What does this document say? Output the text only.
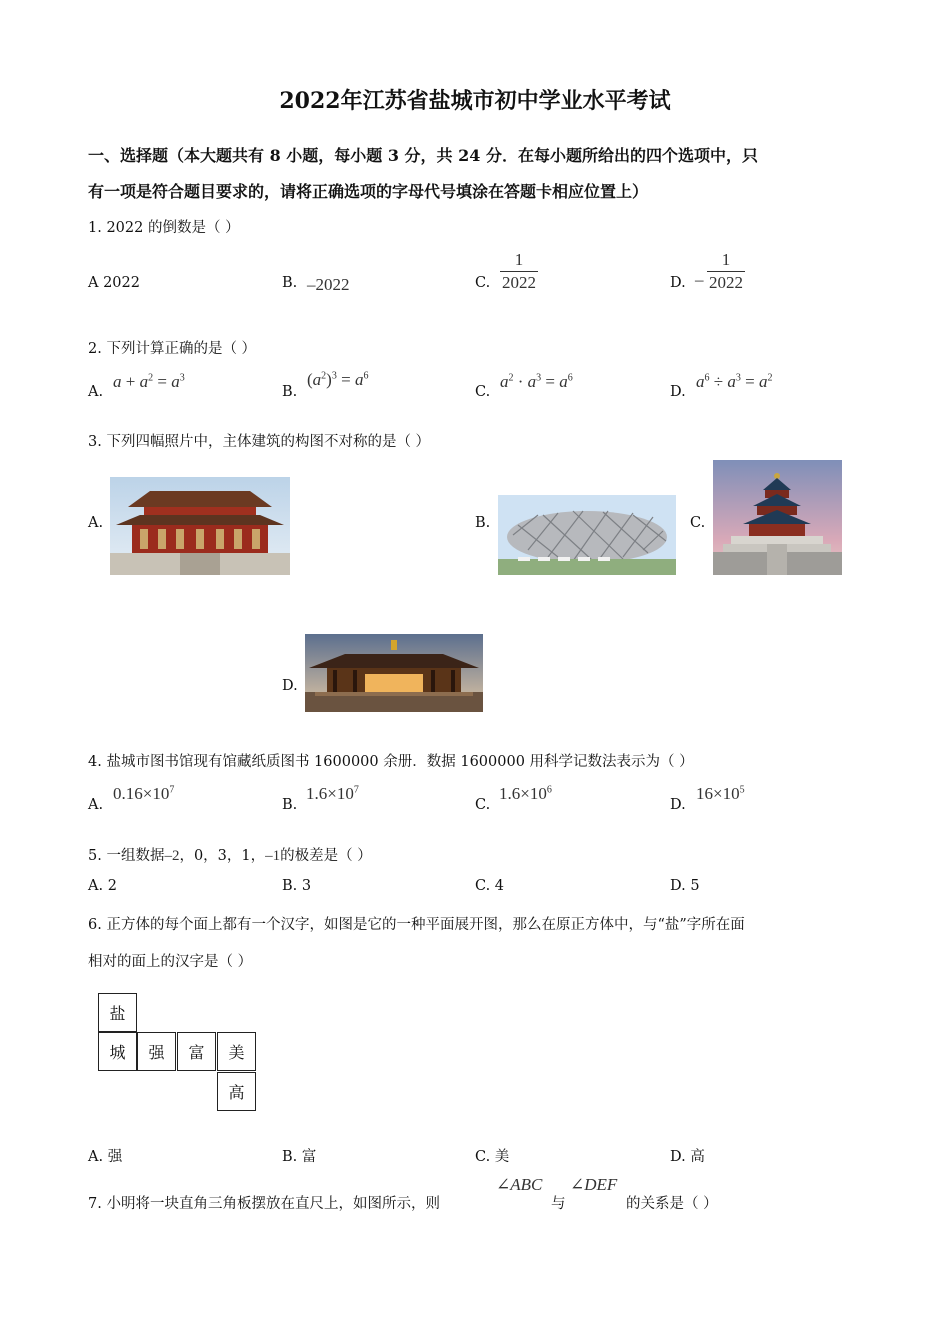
2022年江苏省盐城市初中学业水平考试
一、选择题（本大题共有 8 小题，每小题 3 分，共 24 分．在每小题所给出的四个选项中，只
有一项是符合题目要求的，请将正确选项的字母代号填涂在答题卡相应位置上）
1. 2022 的倒数是（ ）
A 2022	B. –2022	C. $\frac{1}{2022}$	D. – $\frac{1}{2022}$
2. 下列计算正确的是（ ）
A.
$a + a^2 = a^3$
B.
$(a^2)^3 = a^6$
C.
$a^2 \cdot a^3 = a^6$
D.
$a^6 \div a^3 = a^2$
3. 下列四幅照片中，主体建筑的构图不对称的是（ ）
A.	B.	C.
D.
4. 盐城市图书馆现有馆藏纸质图书 1600000 余册．数据 1600000 用科学记数法表示为（ ）
A.
$0.16\times 10^7$
B.
$1.6\times 10^7$
C.
$1.6\times 10^6$
D.
$16\times 10^5$
5. 一组数据–2，0，3，1，–1的极差是（ ）
A. 2	B. 3	C. 4	D. 5
6. 正方体的每个面上都有一个汉字，如图是它的一种平面展开图，那么在原正方体中，与“盐”字所在面
相对的面上的汉字是（ ）
盐
城	强	富	美
高
A. 强	B. 富	C. 美	D. 高
7. 小明将一块直角三角板摆放在直尺上，如图所示，则
∠ABC
与
∠DEF
的关系是（ ）
